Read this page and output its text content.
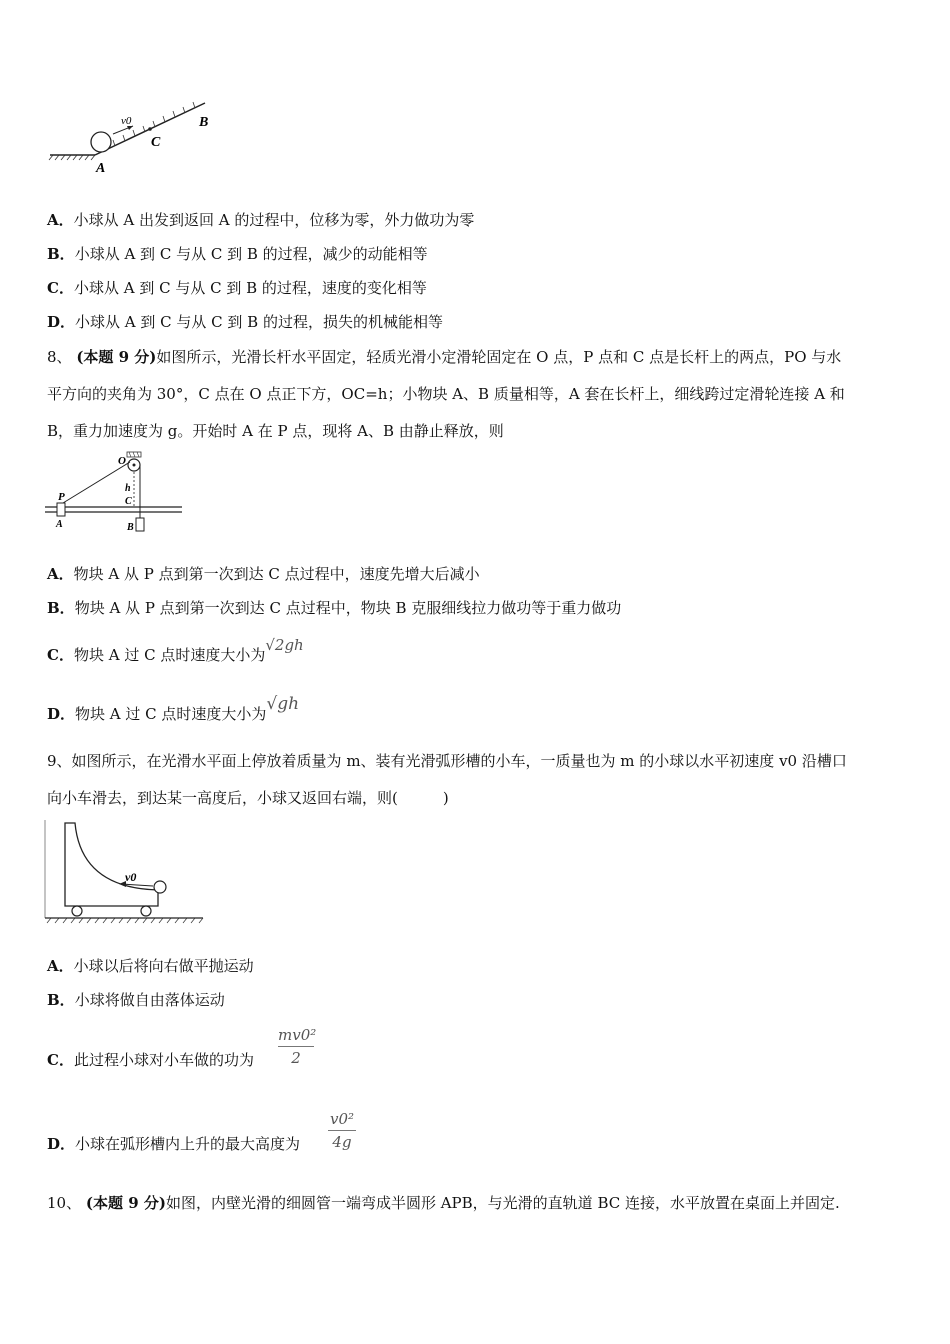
v0
C
B
A
A．小球从 A 出发到返回 A 的过程中，位移为零，外力做功为零
B．小球从 A 到 C 与从 C 到 B 的过程，减少的动能相等
C．小球从 A 到 C 与从 C 到 B 的过程，速度的变化相等
D．小球从 A 到 C 与从 C 到 B 的过程，损失的机械能相等
8、 (本题 9 分)如图所示，光滑长杆水平固定，轻质光滑小定滑轮固定在 O 点，P 点和 C 点是长杆上的两点，PO 与水
平方向的夹角为 30°，C 点在 O 点正下方，OC=h；小物块 A、B 质量相等，A 套在长杆上，细线跨过定滑轮连接 A 和
B，重力加速度为 g。开始时 A 在 P 点，现将 A、B 由静止释放，则
O
P
A
h
C
B
A．物块 A 从 P 点到第一次到达 C 点过程中，速度先增大后减小
B．物块 A 从 P 点到第一次到达 C 点过程中，物块 B 克服细线拉力做功等于重力做功
C．物块 A 过 C 点时速度大小为√2gh
D．物块 A 过 C 点时速度大小为√gh
9、如图所示，在光滑水平面上停放着质量为 m、装有光滑弧形槽的小车，一质量也为 m 的小球以水平初速度 v0 沿槽口
向小车滑去，到达某一高度后，小球又返回右端，则(　　　)
v0
A．小球以后将向右做平抛运动
B．小球将做自由落体运动
C．此过程小球对小车做的功为 $\frac{\text{mv0²}}{2}$
D．小球在弧形槽内上升的最大高度为 $\frac{\text{v0²}}{4g}$
10、 (本题 9 分)如图，内壁光滑的细圆管一端弯成半圆形 APB，与光滑的直轨道 BC 连接，水平放置在桌面上并固定.
